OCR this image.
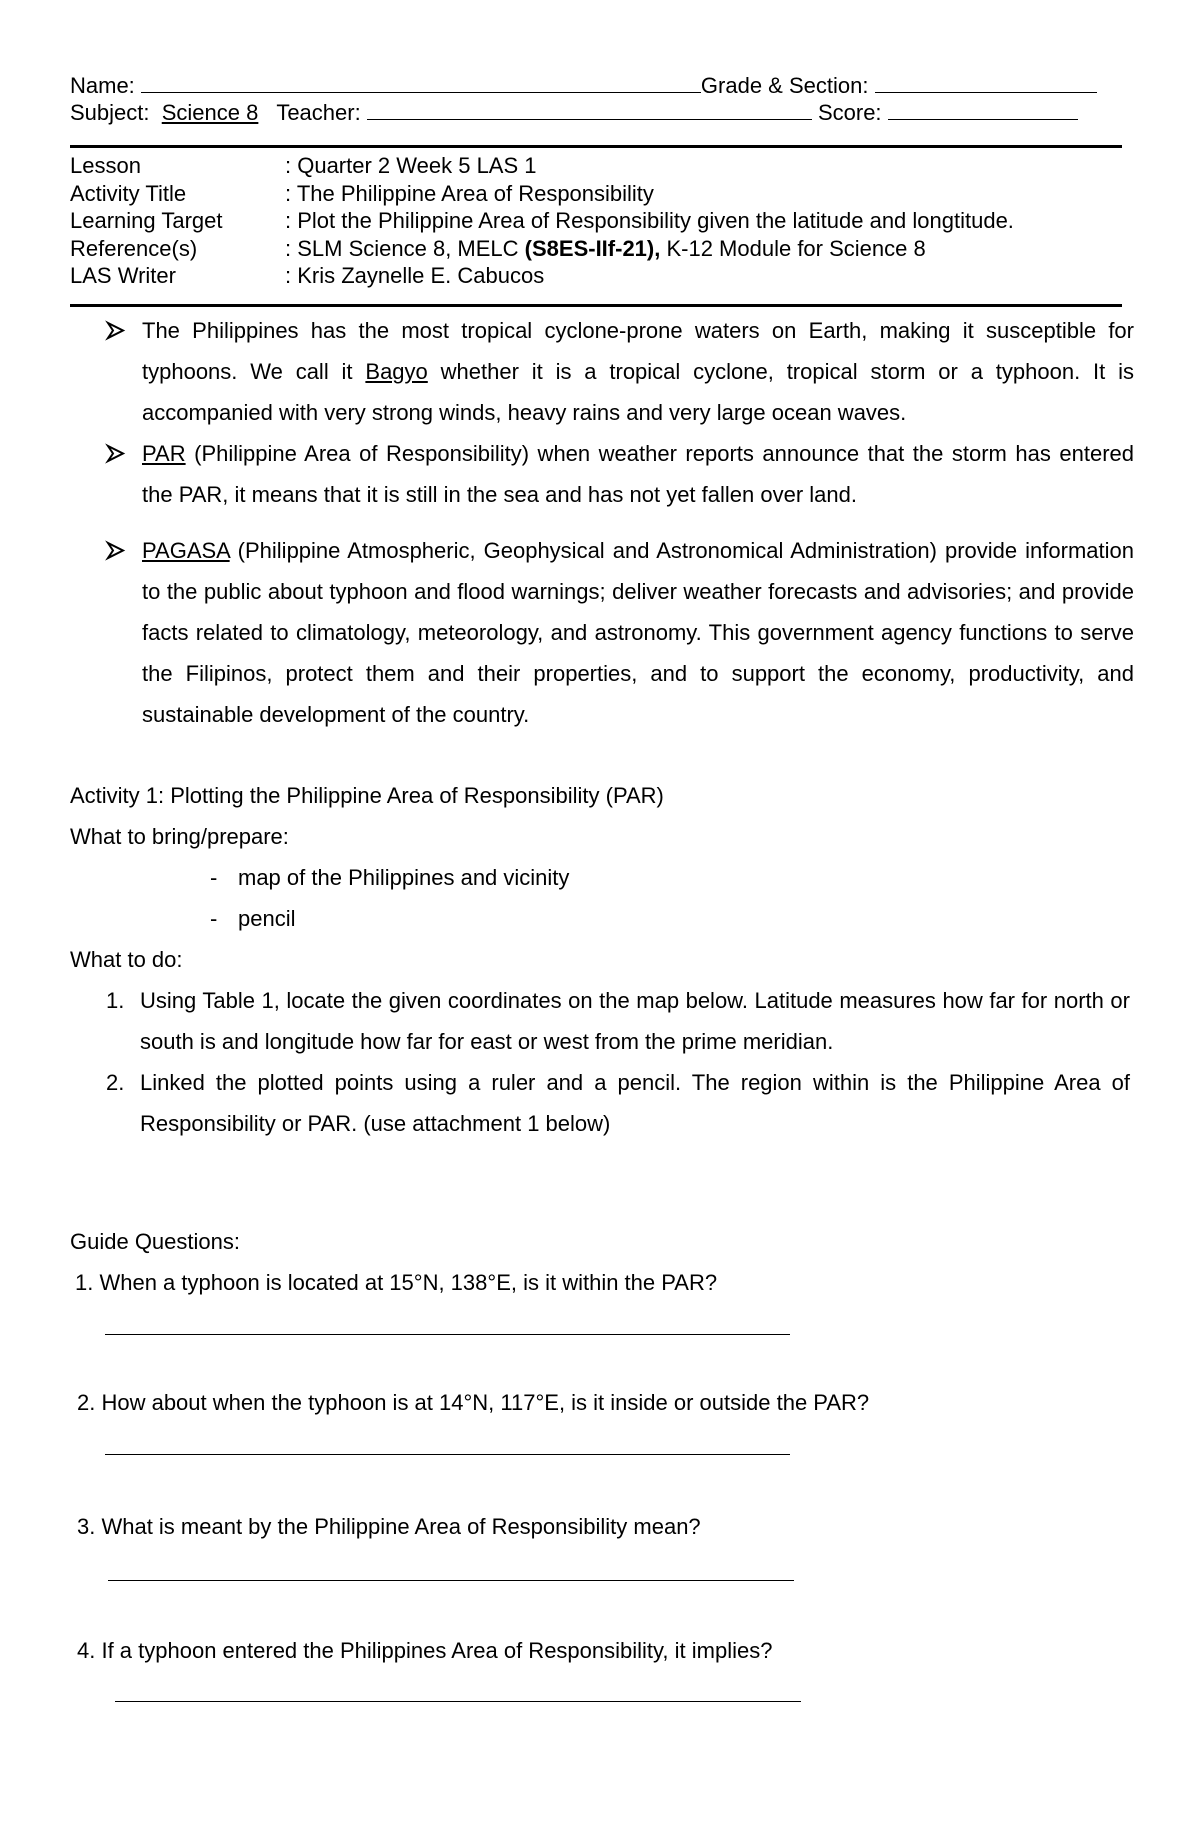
Name:	Grade & Section:
Subject: Science 8 Teacher:	Score:
Lesson	: Quarter 2 Week 5 LAS 1
Activity Title	: The Philippine Area of Responsibility
Learning Target	: Plot the Philippine Area of Responsibility given the latitude and longtitude.
Reference(s)	: SLM Science 8, MELC (S8ES-IIf-21), K-12 Module for Science 8
LAS Writer	: Kris Zaynelle E. Cabucos
The Philippines has the most tropical cyclone-prone waters on Earth, making it susceptible for typhoons. We call it Bagyo whether it is a tropical cyclone, tropical storm or a typhoon. It is accompanied with very strong winds, heavy rains and very large ocean waves.
PAR (Philippine Area of Responsibility) when weather reports announce that the storm has entered the PAR, it means that it is still in the sea and has not yet fallen over land.
PAGASA (Philippine Atmospheric, Geophysical and Astronomical Administration) provide information to the public about typhoon and flood warnings; deliver weather forecasts and advisories; and provide facts related to climatology, meteorology, and astronomy. This government agency functions to serve the Filipinos, protect them and their properties, and to support the economy, productivity, and sustainable development of the country.
Activity 1: Plotting the Philippine Area of Responsibility (PAR)
What to bring/prepare:
- map of the Philippines and vicinity
- pencil
What to do:
1. Using Table 1, locate the given coordinates on the map below. Latitude measures how far for north or south is and longitude how far for east or west from the prime meridian.
2. Linked the plotted points using a ruler and a pencil. The region within is the Philippine Area of Responsibility or PAR. (use attachment 1 below)
Guide Questions:
1. When a typhoon is located at 15°N, 138°E, is it within the PAR?
2. How about when the typhoon is at 14°N, 117°E, is it inside or outside the PAR?
3. What is meant by the Philippine Area of Responsibility mean?
4. If a typhoon entered the Philippines Area of Responsibility, it implies?
